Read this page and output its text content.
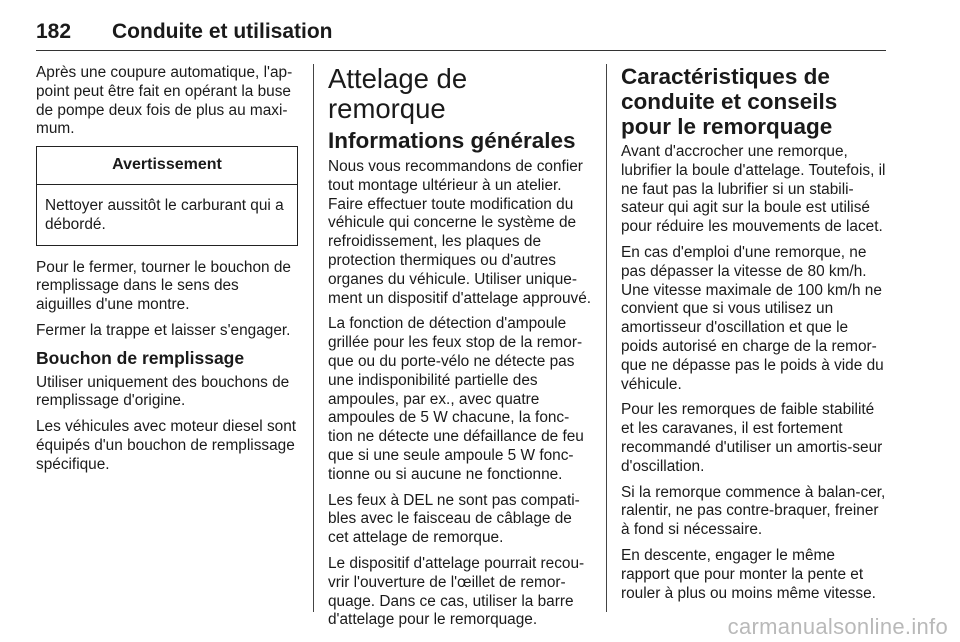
182 Conduite et utilisation

Après une coupure automatique, l'ap-point peut être fait en opérant la buse de pompe deux fois de plus au maxi-mum.

Avertissement
Nettoyer aussitôt le carburant qui a débordé.

Pour le fermer, tourner le bouchon de remplissage dans le sens des aiguilles d'une montre.

Fermer la trappe et laisser s'engager.

Bouchon de remplissage

Utiliser uniquement des bouchons de remplissage d'origine.

Les véhicules avec moteur diesel sont équipés d'un bouchon de remplissage spécifique.

Attelage de remorque
Informations générales

Nous vous recommandons de confier tout montage ultérieur à un atelier. Faire effectuer toute modification du véhicule qui concerne le système de refroidissement, les plaques de protection thermiques ou d'autres organes du véhicule. Utiliser unique-ment un dispositif d'attelage approuvé.

La fonction de détection d'ampoule grillée pour les feux stop de la remor-que ou du porte-vélo ne détecte pas une indisponibilité partielle des ampoules, par ex., avec quatre ampoules de 5 W chacune, la fonc-tion ne détecte une défaillance de feu que si une seule ampoule 5 W fonc-tionne ou si aucune ne fonctionne.

Les feux à DEL ne sont pas compati-bles avec le faisceau de câblage de cet attelage de remorque.

Le dispositif d'attelage pourrait recou-vrir l'ouverture de l'œillet de remor-quage. Dans ce cas, utiliser la barre d'attelage pour le remorquage.

Caractéristiques de conduite et conseils pour le remorquage

Avant d'accrocher une remorque, lubrifier la boule d'attelage. Toutefois, il ne faut pas la lubrifier si un stabili-sateur qui agit sur la boule est utilisé pour réduire les mouvements de lacet.

En cas d'emploi d'une remorque, ne pas dépasser la vitesse de 80 km/h. Une vitesse maximale de 100 km/h ne convient que si vous utilisez un amortisseur d'oscillation et que le poids autorisé en charge de la remor-que ne dépasse pas le poids à vide du véhicule.

Pour les remorques de faible stabilité et les caravanes, il est fortement recommandé d'utiliser un amortis-seur d'oscillation.

Si la remorque commence à balan-cer, ralentir, ne pas contre-braquer, freiner à fond si nécessaire.

En descente, engager le même rapport que pour monter la pente et rouler à plus ou moins même vitesse.

carmanualsonline.info
